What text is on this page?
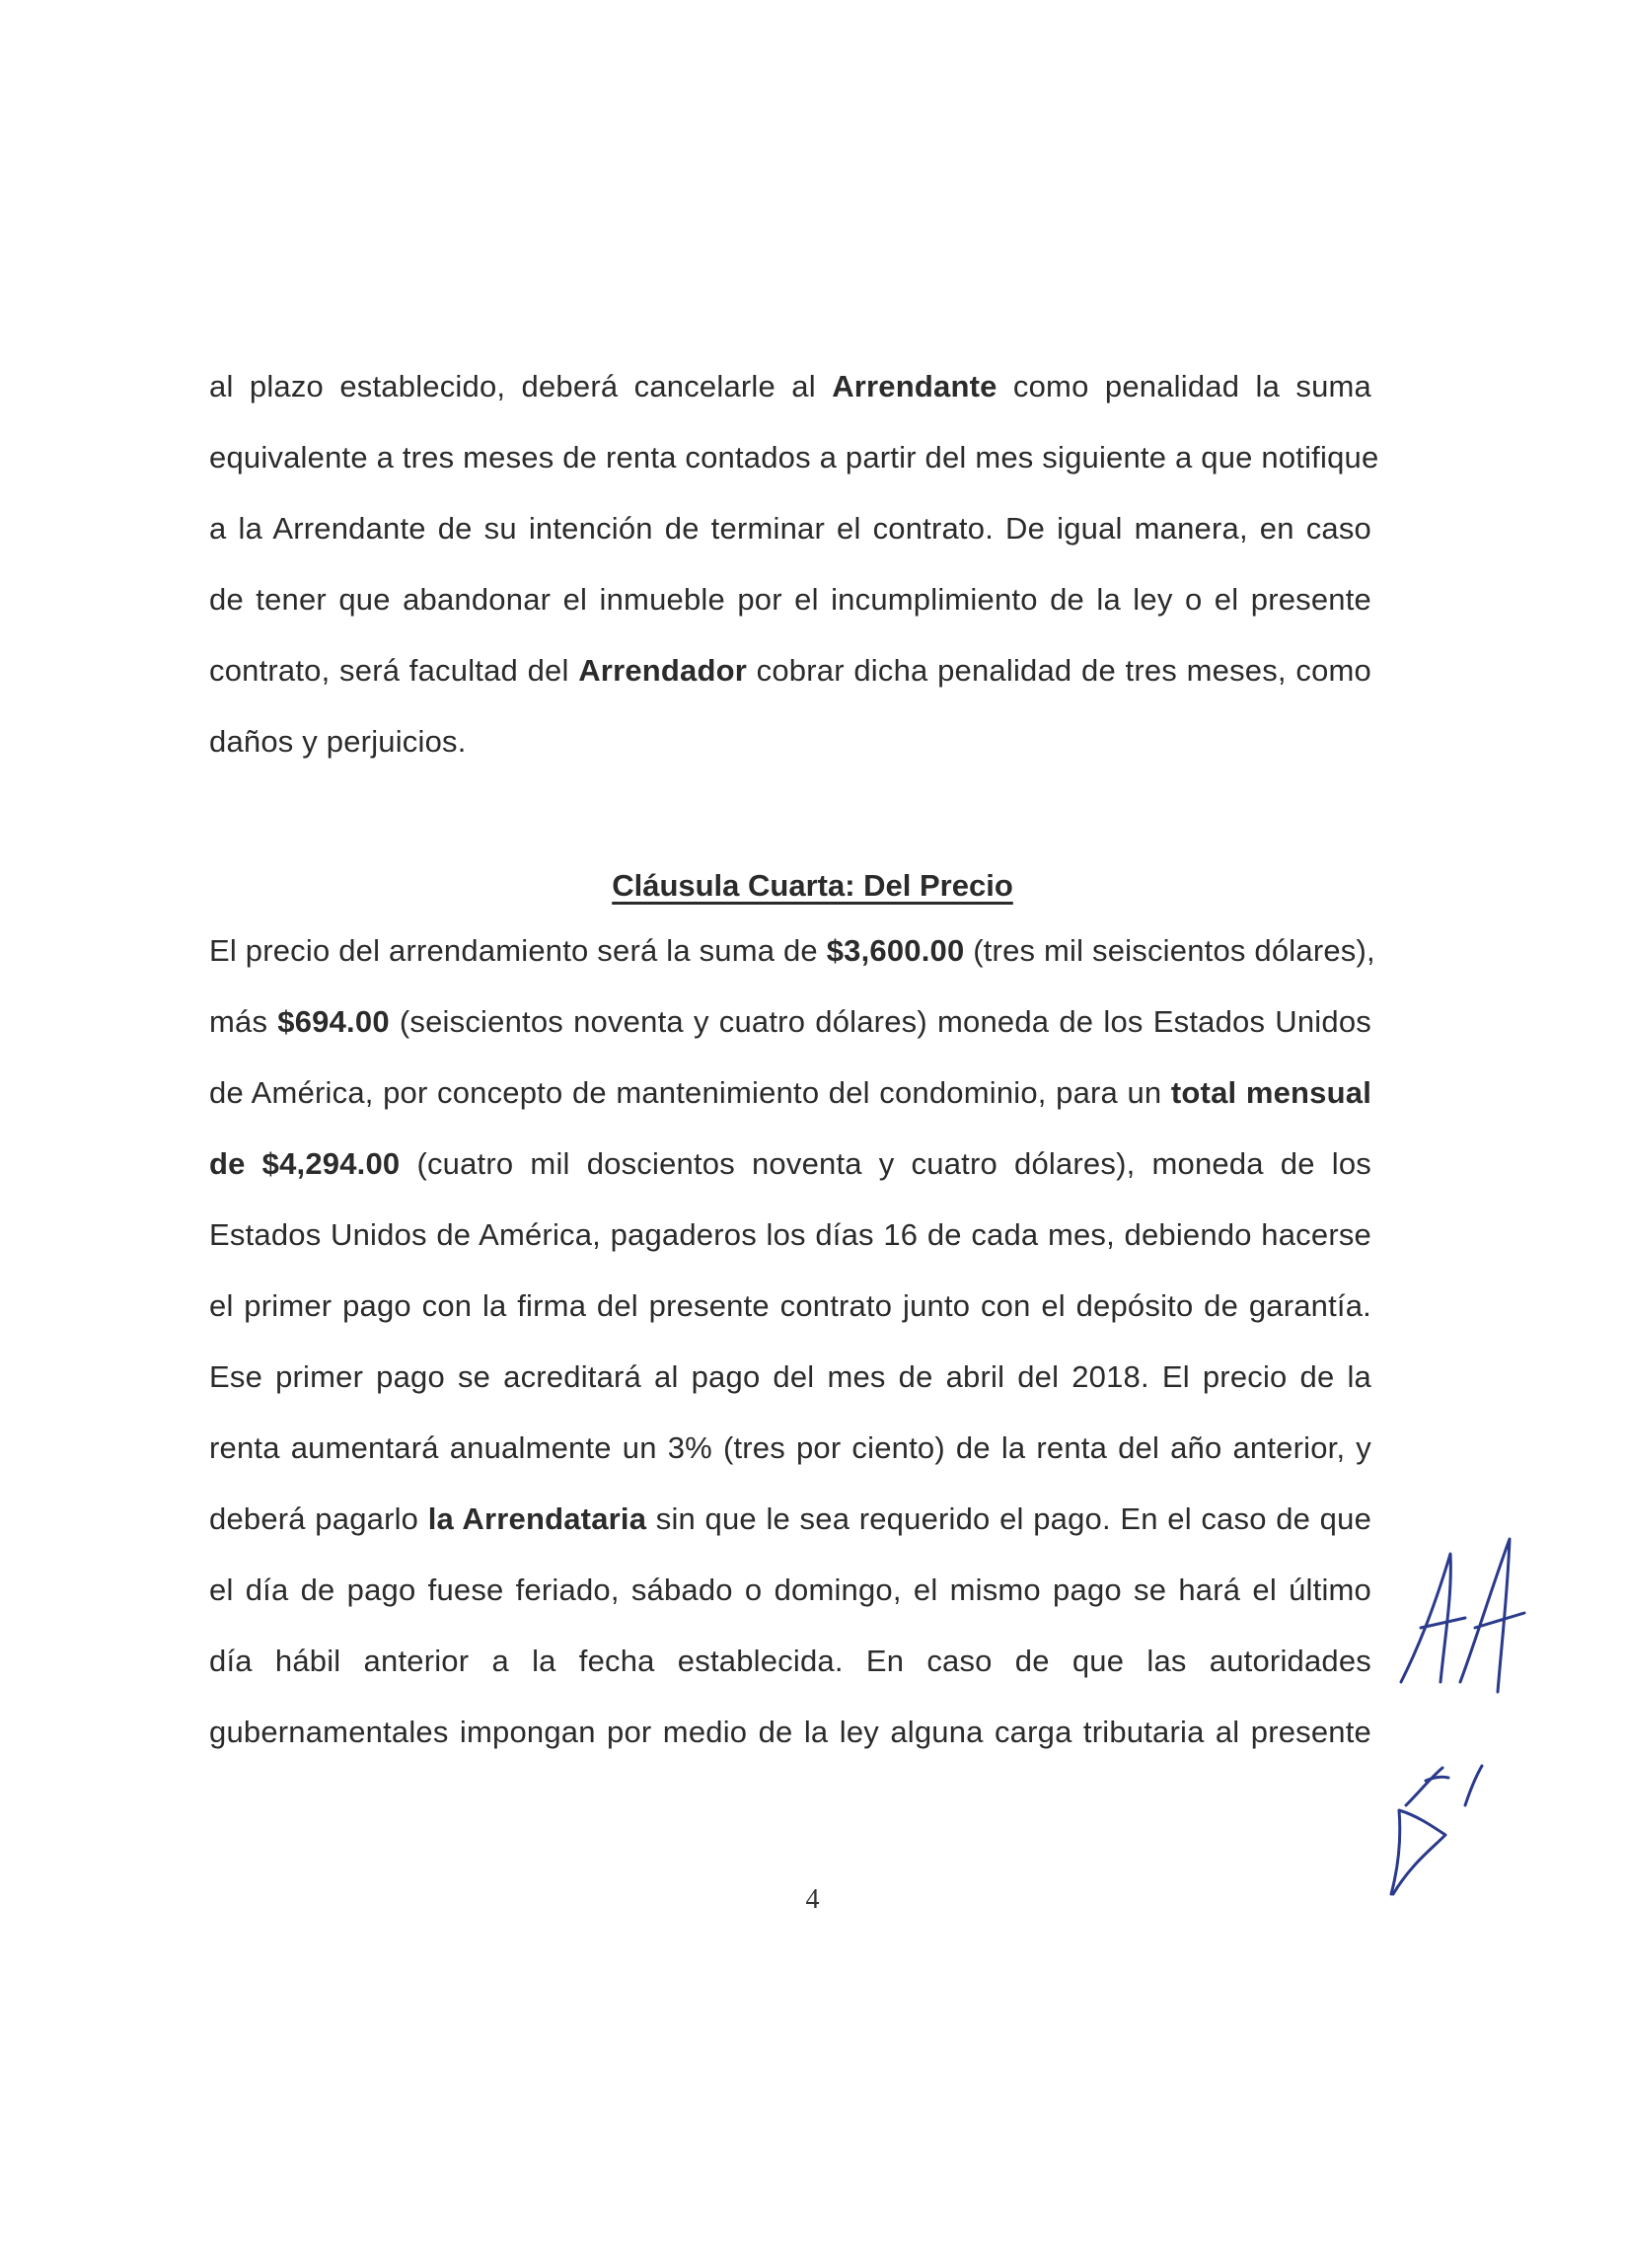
al plazo establecido, deberá cancelarle al Arrendante como penalidad la suma
equivalente a tres meses de renta contados a partir del mes siguiente a que notifique
a la Arrendante de su intención de terminar el contrato. De igual manera, en caso
de tener que abandonar el inmueble por el incumplimiento de la ley o el presente
contrato, será facultad del Arrendador cobrar dicha penalidad de tres meses, como
daños y perjuicios.
Cláusula Cuarta: Del Precio
El precio del arrendamiento será la suma de $3,600.00 (tres mil seiscientos dólares),
más $694.00 (seiscientos noventa y cuatro dólares) moneda de los Estados Unidos
de América, por concepto de mantenimiento del condominio, para un total mensual
de $4,294.00 (cuatro mil doscientos noventa y cuatro dólares), moneda de los
Estados Unidos de América, pagaderos los días 16 de cada mes, debiendo hacerse
el primer pago con la firma del presente contrato junto con el depósito de garantía.
Ese primer pago se acreditará al pago del mes de abril del 2018. El precio de la
renta aumentará anualmente un 3% (tres por ciento) de la renta del año anterior, y
deberá pagarlo la Arrendataria sin que le sea requerido el pago. En el caso de que
el día de pago fuese feriado, sábado o domingo, el mismo pago se hará el último
día hábil anterior a la fecha establecida. En caso de que las autoridades
gubernamentales impongan por medio de la ley alguna carga tributaria al presente
4
